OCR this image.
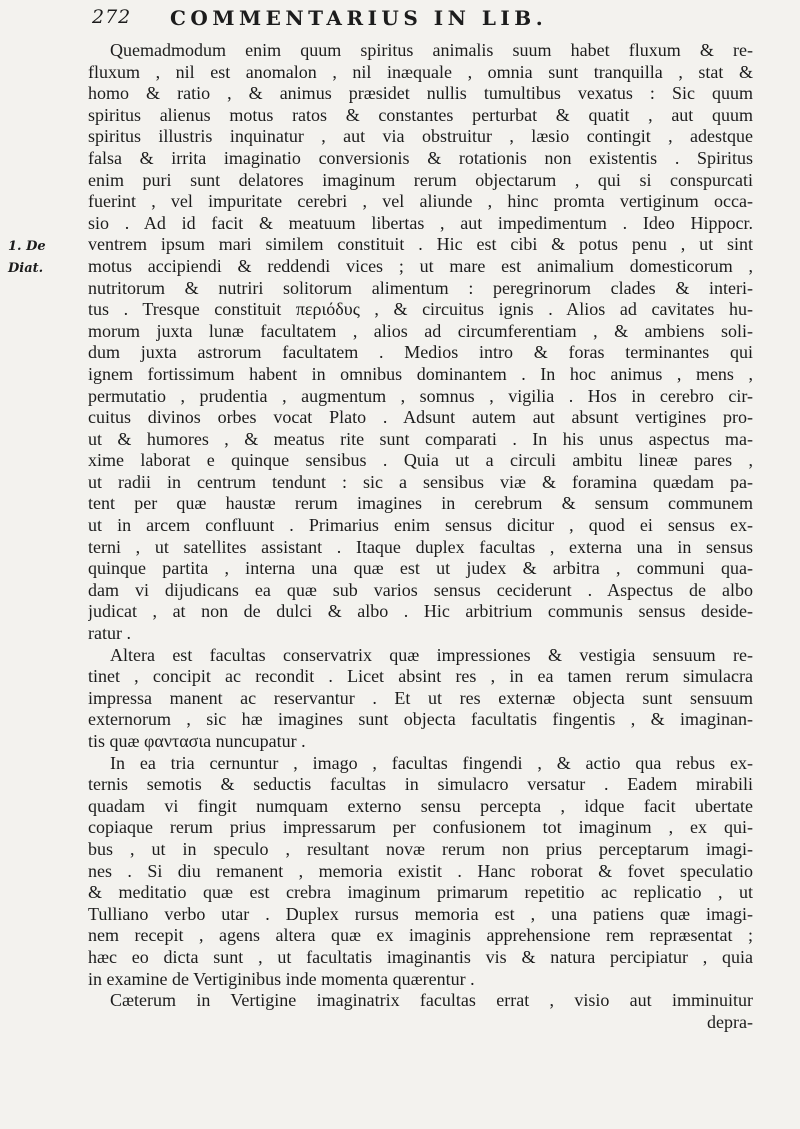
272 COMMENTARIUS IN LIB.
1. De
Diat.
Quemadmodum enim quum spiritus animalis suum habet fluxum & re-
fluxum , nil est anomalon , nil inæquale , omnia sunt tranquilla , stat &
homo & ratio , & animus præsidet nullis tumultibus vexatus : Sic quum
spiritus alienus motus ratos & constantes perturbat & quatit , aut quum
spiritus illustris inquinatur , aut via obstruitur , læsio contingit , adestque
falsa & irrita imaginatio conversionis & rotationis non existentis . Spiritus
enim puri sunt delatores imaginum rerum objectarum , qui si conspurcati
fuerint , vel impuritate cerebri , vel aliunde , hinc promta vertiginum occa-
sio . Ad id facit & meatuum libertas , aut impedimentum . Ideo Hippocr.
ventrem ipsum mari similem constituit . Hic est cibi & potus penu , ut sint
motus accipiendi & reddendi vices ; ut mare est animalium domesticorum ,
nutritorum & nutriri solitorum alimentum : peregrinorum clades & interi-
tus . Tresque constituit περιόδυς , & circuitus ignis . Alios ad cavitates hu-
morum juxta lunæ facultatem , alios ad circumferentiam , & ambiens soli-
dum juxta astrorum facultatem . Medios intro & foras terminantes qui
ignem fortissimum habent in omnibus dominantem . In hoc animus , mens ,
permutatio , prudentia , augmentum , somnus , vigilia . Hos in cerebro cir-
cuitus divinos orbes vocat Plato . Adsunt autem aut absunt vertigines pro-
ut & humores , & meatus rite sunt comparati . In his unus aspectus ma-
xime laborat e quinque sensibus . Quia ut a circuli ambitu lineæ pares ,
ut radii in centrum tendunt : sic a sensibus viæ & foramina quædam pa-
tent per quæ haustæ rerum imagines in cerebrum & sensum communem
ut in arcem confluunt . Primarius enim sensus dicitur , quod ei sensus ex-
terni , ut satellites assistant . Itaque duplex facultas , externa una in sensus
quinque partita , interna una quæ est ut judex & arbitra , communi qua-
dam vi dijudicans ea quæ sub varios sensus ceciderunt . Aspectus de albo
judicat , at non de dulci & albo . Hic arbitrium communis sensus deside-
ratur .
Altera est facultas conservatrix quæ impressiones & vestigia sensuum re-
tinet , concipit ac recondit . Licet absint res , in ea tamen rerum simulacra
impressa manent ac reservantur . Et ut res externæ objecta sunt sensuum
externorum , sic hæ imagines sunt objecta facultatis fingentis , & imaginan-
tis quæ φαντασιa nuncupatur .
In ea tria cernuntur , imago , facultas fingendi , & actio qua rebus ex-
ternis semotis & seductis facultas in simulacro versatur . Eadem mirabili
quadam vi fingit numquam externo sensu percepta , idque facit ubertate
copiaque rerum prius impressarum per confusionem tot imaginum , ex qui-
bus , ut in speculo , resultant novæ rerum non prius perceptarum imagi-
nes . Si diu remanent , memoria existit . Hanc roborat & fovet speculatio
& meditatio quæ est crebra imaginum primarum repetitio ac replicatio , ut
Tulliano verbo utar . Duplex rursus memoria est , una patiens quæ imagi-
nem recepit , agens altera quæ ex imaginis apprehensione rem repræsentat ;
hæc eo dicta sunt , ut facultatis imaginantis vis & natura percipiatur , quia
in examine de Vertiginibus inde momenta quærentur .
Cæterum in Vertigine imaginatrix facultas errat , visio aut imminuitur
depra-
